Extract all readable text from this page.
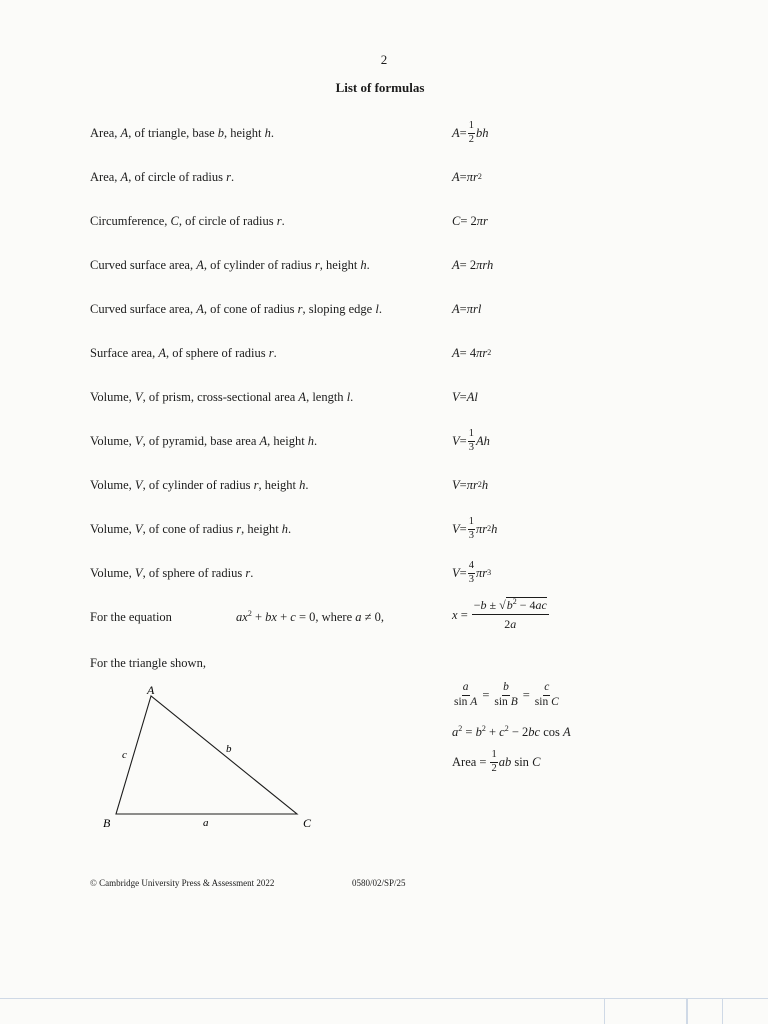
2
List of formulas
Area, A, of triangle, base b, height h.	$A = \frac{1}{2}$ bh
Area, A, of circle of radius r.	A = πr 2
Circumference, C, of circle of radius r.	C = 2 πr
Curved surface area, A, of cylinder of radius r, height h.	A = 2 πrh
Curved surface area, A, of cone of radius r, sloping edge l.	A = πrl
Surface area, A, of sphere of radius r.	A = 4 πr 2
Volume, V, of prism, cross-sectional area A, length l.	V = Al
Volume, V, of pyramid, base area A, height h.	$V = \frac{1}{3}$ Ah
Volume, V, of cylinder of radius r, height h.	V = πr 2 h
Volume, V, of cone of radius r, height h.	$V = \frac{1}{3}$ πr 2 h
Volume, V, of sphere of radius r.	$V = \frac{4}{3}$ πr 3
For the equation	$ax^2$ + bx + c = 0, where a ≠ 0,	$x = \frac{-b \pm √b^2 - 4ac}{2a}$
For the triangle shown,
A
B	C
a
b
c
$\frac{a}{\text{sin A}} = \frac{b}{\text{sin B}} = \frac{c}{\text{sin C}}$
$a^2 = b^2 + c^2 - 2bc$ cos A
Area = $\frac{1}{2}$ ab sin C
© Cambridge University Press & Assessment 2022	0580/02/SP/25
